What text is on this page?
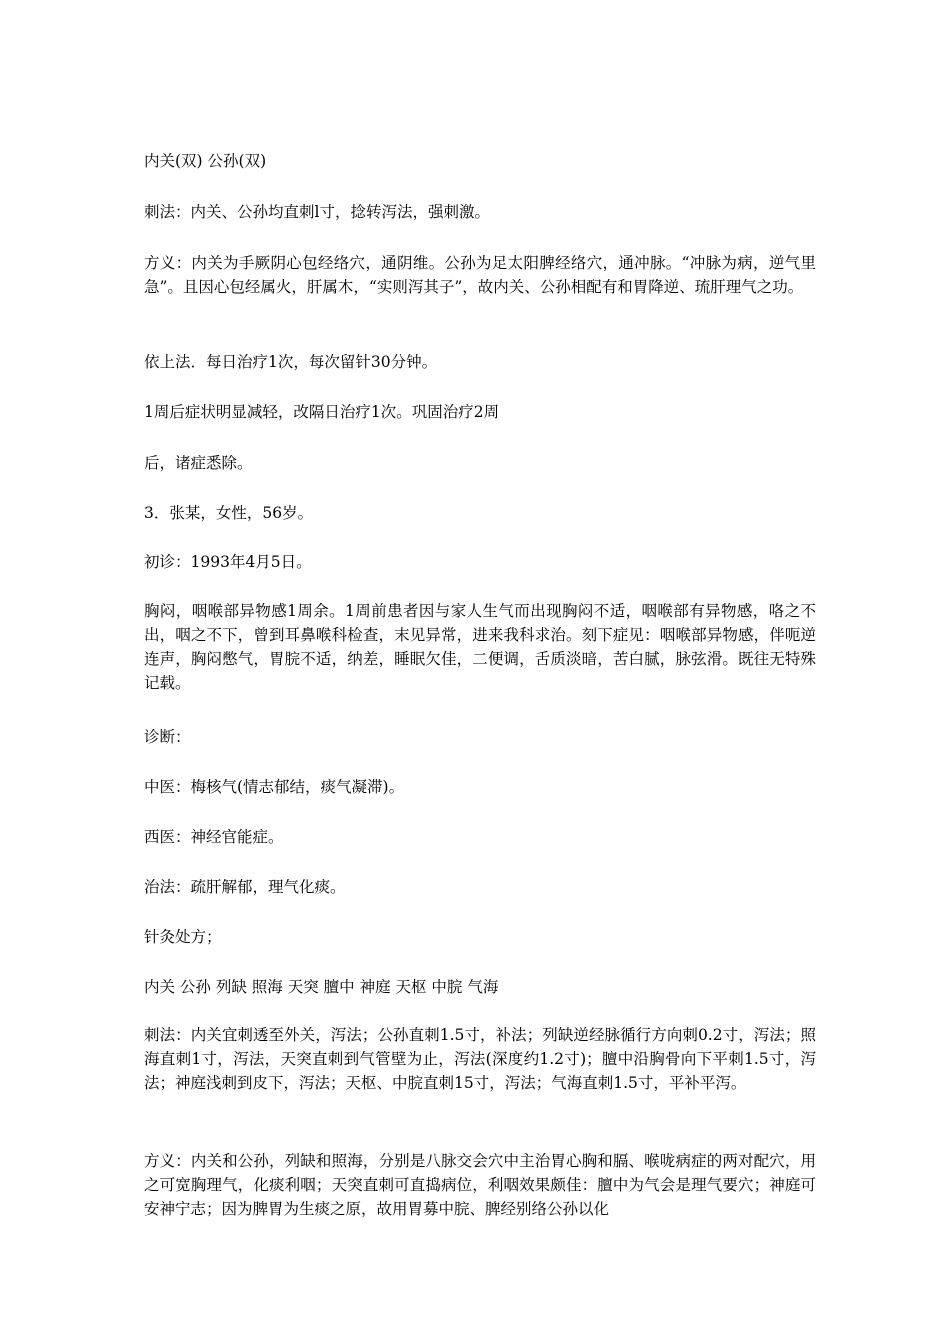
内关(双) 公孙(双)

刺法：内关、公孙均直刺l寸，捻转泻法，强刺激。

方义：内关为手厥阴心包经络穴，通阴维。公孙为足太阳脾经络穴，通冲脉。“冲脉为病，逆气里急”。且因心包经属火，肝属木，“实则泻其子”，故内关、公孙相配有和胃降逆、琉肝理气之功。

依上法．每日治疗1次，每次留针30分钟。

1周后症状明显减轻，改隔日治疗1次。巩固治疗2周

后，诸症悉除。

3．张某，女性，56岁。

初诊：1993年4月5日。

胸闷，咽喉部异物感1周余。1周前患者因与家人生气而出现胸闷不适，咽喉部有异物感，咯之不出，咽之不下，曾到耳鼻喉科检查，末见异常，进来我科求治。刻下症见：咽喉部异物感，伴呃逆连声，胸闷憋气，胃脘不适，纳差，睡眠欠佳，二便调，舌质淡暗，苦白腻，脉弦滑。既往无特殊记载。

诊断：

中医：梅核气(情志郁结，痰气凝滞)。

西医：神经官能症。

治法：疏肝解郁，理气化痰。

针灸处方；

内关 公孙 列缺 照海 天突 膻中 神庭 天枢 中脘 气海

刺法：内关宜刺透至外关，泻法；公孙直刺1.5寸，补法；列缺逆经脉循行方向刺0.2寸，泻法；照海直刺1寸，泻法，天突直刺到气管壁为止，泻法(深度约1.2寸)；膻中沿胸骨向下平刺1.5寸，泻法；神庭浅刺到皮下，泻法；天枢、中脘直刺15寸，泻法；气海直刺1.5寸，平补平泻。

方义：内关和公孙，列缺和照海，分别是八脉交会穴中主治胃心胸和膈、喉咙病症的两对配穴，用之可宽胸理气，化痰利咽；天突直刺可直捣病位，利咽效果颇佳：膻中为气会是理气要穴；神庭可安神宁志；因为脾胃为生痰之原，故用胃募中脘、脾经别络公孙以化
